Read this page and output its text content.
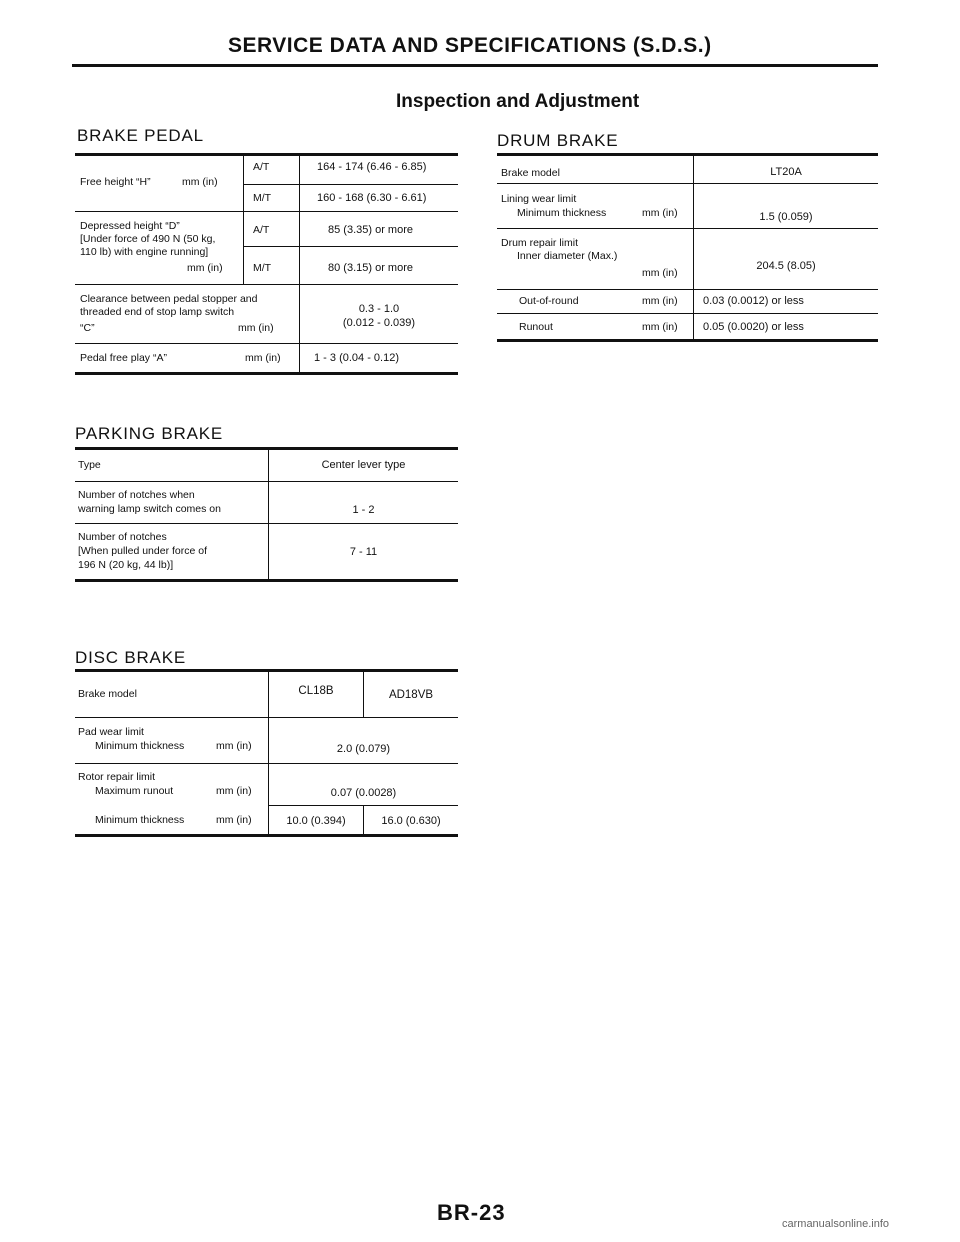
SERVICE DATA AND SPECIFICATIONS (S.D.S.)
Inspection and Adjustment
BRAKE PEDAL
Free height “H”	mm (in)
A/T	164 - 174 (6.46 - 6.85)
M/T	160 - 168 (6.30 - 6.61)
Depressed height “D”
[Under force of 490 N (50 kg,
110 lb) with engine running]
mm (in)
A/T	85 (3.35) or more
M/T	80 (3.15) or more
Clearance between pedal stopper and
threaded end of stop lamp switch
“C”	mm (in)
0.3 - 1.0
(0.012 - 0.039)
Pedal free play “A”	mm (in)	1 - 3 (0.04 - 0.12)
PARKING BRAKE
Type	Center lever type
Number of notches when
warning lamp switch comes on	1 - 2
Number of notches
[When pulled under force of
196 N (20 kg, 44 lb)]
7 - 11
DISC BRAKE
Brake model	CL18B	AD18VB
Pad wear limit
Minimum thickness	mm (in)	2.0 (0.079)
Rotor repair limit
Maximum runout	mm (in)	0.07 (0.0028)
Minimum thickness	mm (in)	10.0 (0.394)	16.0 (0.630)
DRUM BRAKE
Brake model	LT20A
Lining wear limit
Minimum thickness	mm (in)	1.5 (0.059)
Drum repair limit
Inner diameter (Max.)
mm (in)
204.5 (8.05)
Out-of-round	mm (in) 0.03 (0.0012) or less
Runout	mm (in) 0.05 (0.0020) or less
BR-23	carmanualsonline.info
